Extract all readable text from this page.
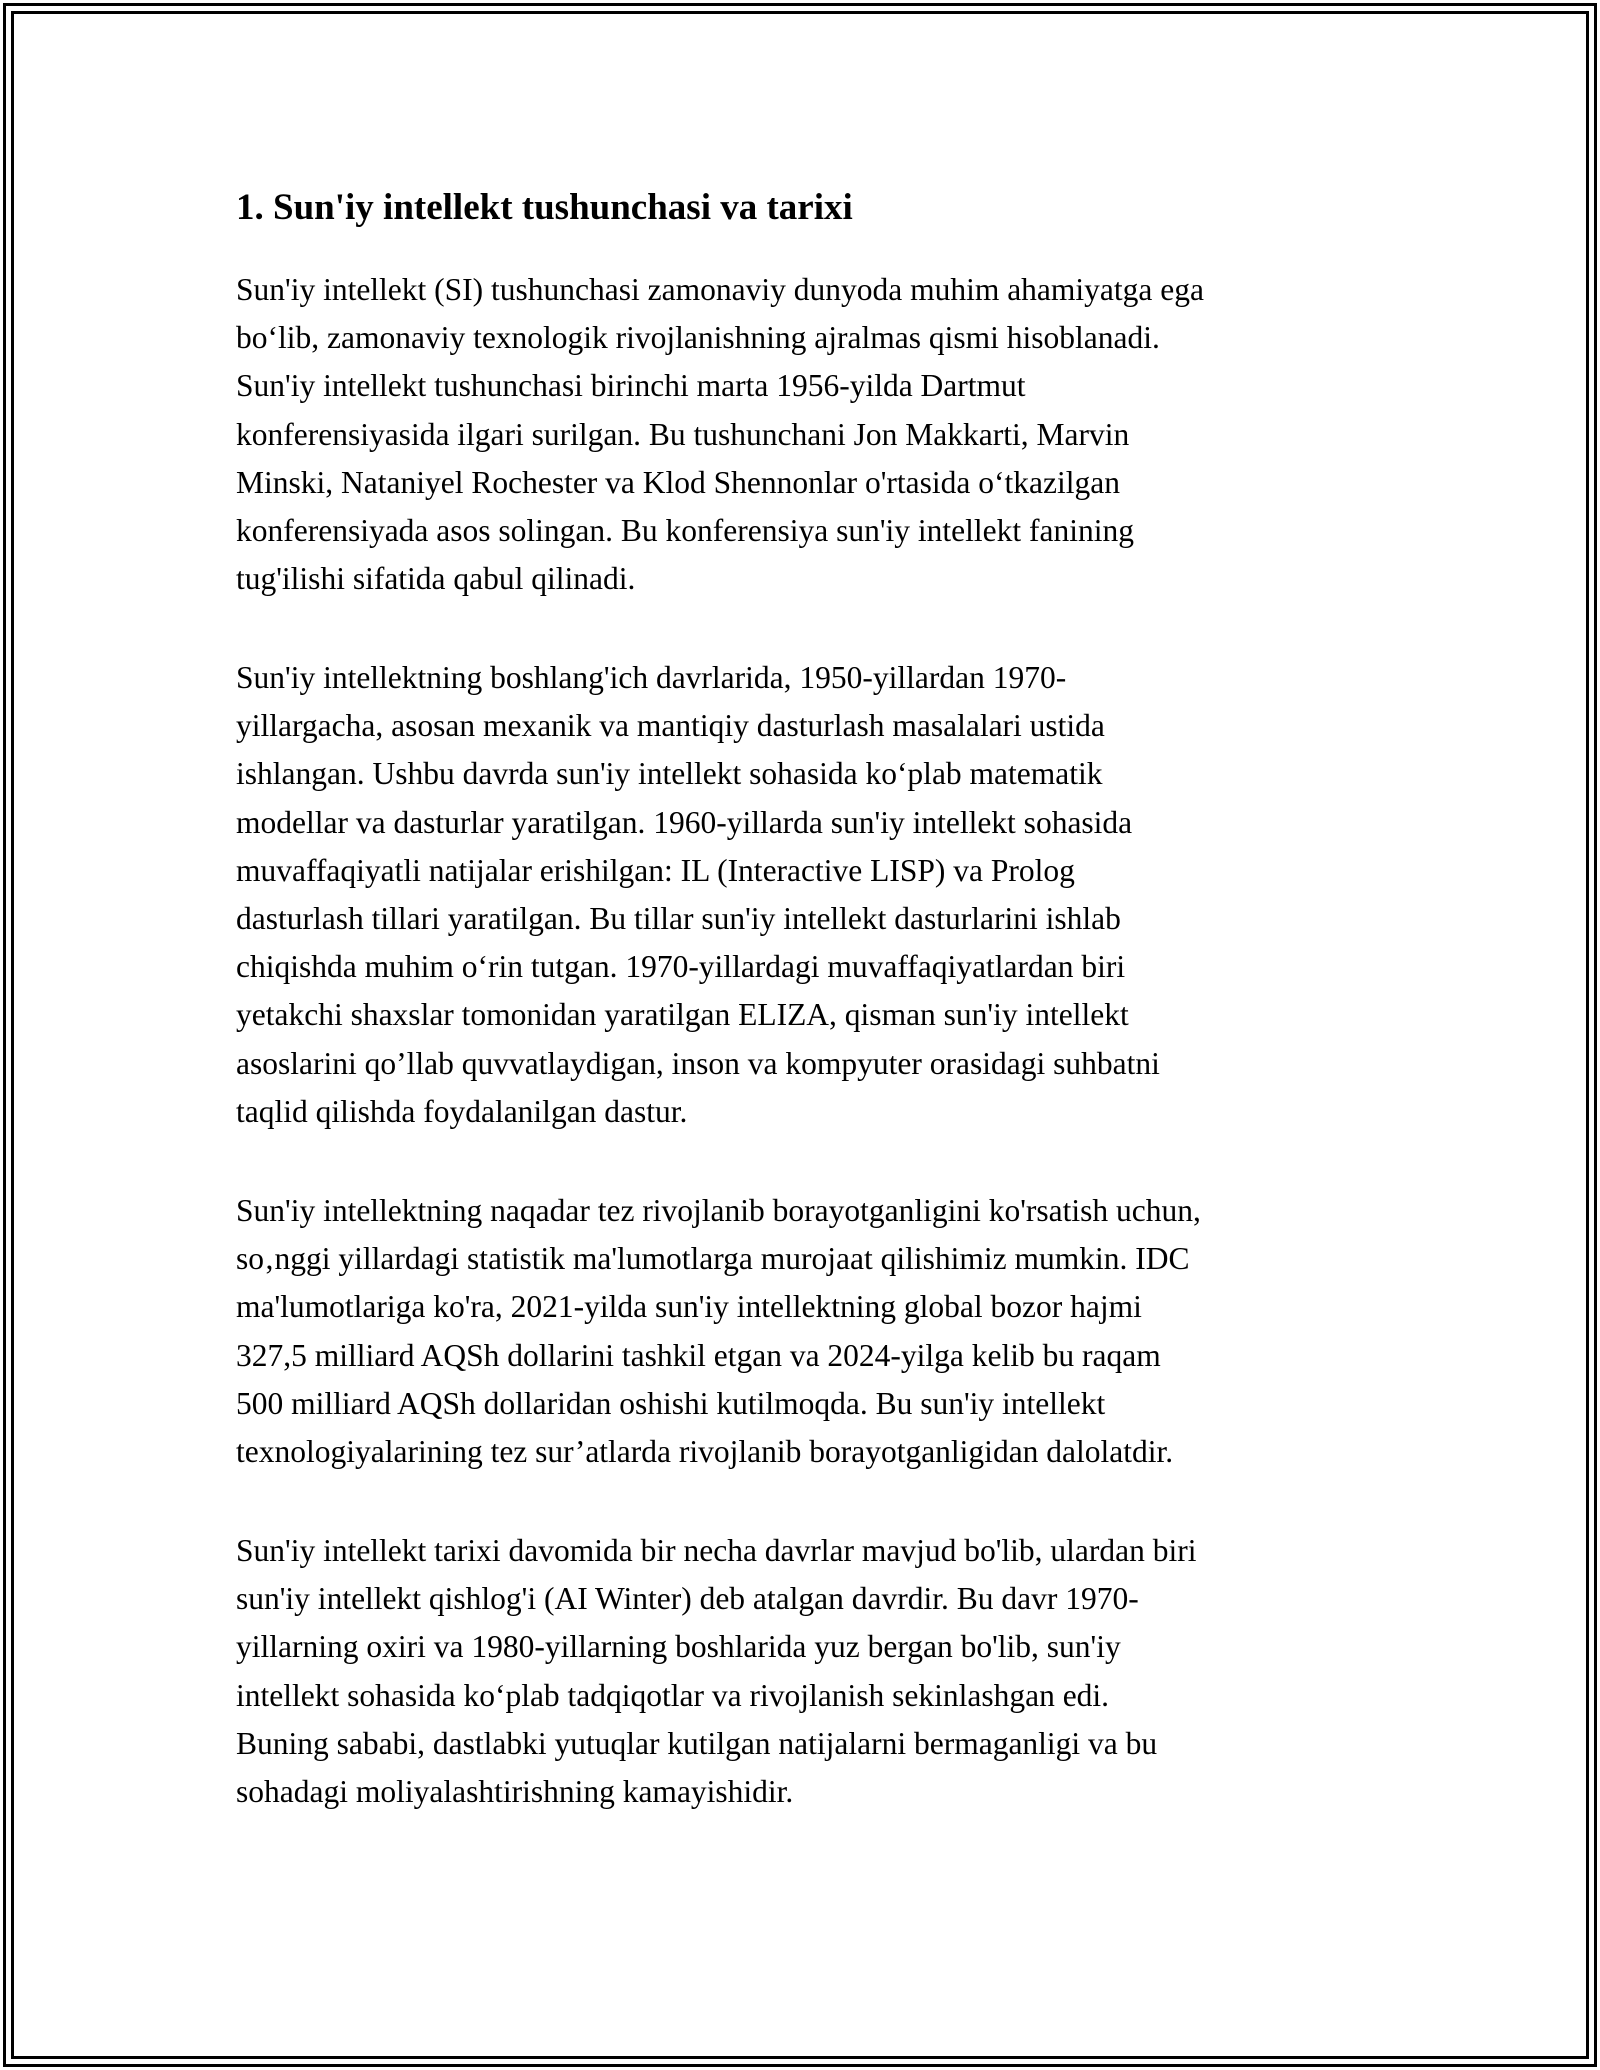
1. Sun'iy intellekt tushunchasi va tarixi

Sun'iy intellekt (SI) tushunchasi zamonaviy dunyoda muhim ahamiyatga ega
bo‘lib, zamonaviy texnologik rivojlanishning ajralmas qismi hisoblanadi.
Sun'iy intellekt tushunchasi birinchi marta 1956-yilda Dartmut
konferensiyasida ilgari surilgan. Bu tushunchani Jon Makkarti, Marvin
Minski, Nataniyel Rochester va Klod Shennonlar o'rtasida o‘tkazilgan
konferensiyada asos solingan. Bu konferensiya sun'iy intellekt fanining
tug'ilishi sifatida qabul qilinadi.

Sun'iy intellektning boshlang'ich davrlarida, 1950-yillardan 1970-
yillargacha, asosan mexanik va mantiqiy dasturlash masalalari ustida
ishlangan. Ushbu davrda sun'iy intellekt sohasida ko‘plab matematik
modellar va dasturlar yaratilgan. 1960-yillarda sun'iy intellekt sohasida
muvaffaqiyatli natijalar erishilgan: IL (Interactive LISP) va Prolog
dasturlash tillari yaratilgan. Bu tillar sun'iy intellekt dasturlarini ishlab
chiqishda muhim o‘rin tutgan. 1970-yillardagi muvaffaqiyatlardan biri
yetakchi shaxslar tomonidan yaratilgan ELIZA, qisman sun'iy intellekt
asoslarini qo’llab quvvatlaydigan, inson va kompyuter orasidagi suhbatni
taqlid qilishda foydalanilgan dastur.

Sun'iy intellektning naqadar tez rivojlanib borayotganligini ko'rsatish uchun,
so‚nggi yillardagi statistik ma'lumotlarga murojaat qilishimiz mumkin. IDC
ma'lumotlariga ko'ra, 2021-yilda sun'iy intellektning global bozor hajmi
327,5 milliard AQSh dollarini tashkil etgan va 2024-yilga kelib bu raqam
500 milliard AQSh dollaridan oshishi kutilmoqda. Bu sun'iy intellekt
texnologiyalarining tez sur’atlarda rivojlanib borayotganligidan dalolatdir.

Sun'iy intellekt tarixi davomida bir necha davrlar mavjud bo'lib, ulardan biri
sun'iy intellekt qishlog'i (AI Winter) deb atalgan davrdir. Bu davr 1970-
yillarning oxiri va 1980-yillarning boshlarida yuz bergan bo'lib, sun'iy
intellekt sohasida ko‘plab tadqiqotlar va rivojlanish sekinlashgan edi.
Buning sababi, dastlabki yutuqlar kutilgan natijalarni bermaganligi va bu
sohadagi moliyalashtirishning kamayishidir.
